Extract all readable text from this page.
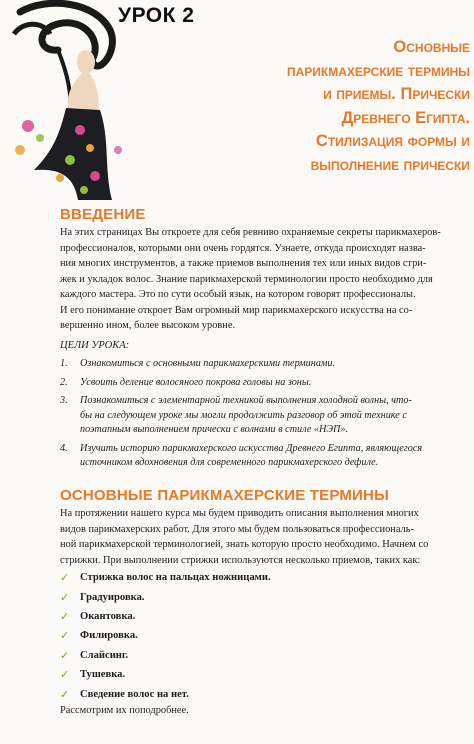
УРОК 2
Основные
парикмахерские термины
и приемы. Прически
Древнего Египта.
Стилизация формы и
выполнение прически
ВВЕДЕНИЕ
На этих страницах Вы откроете для себя ревниво охраняемые секреты парикмахеров-
профессионалов, которыми они очень гордятся. Узнаете, откуда происходят назва-
ния многих инструментов, а также приемов выполнения тех или иных видов стри-
жек и укладок волос. Знание парикмахерской терминологии просто необходимо для
каждого мастера. Это по сути особый язык, на котором говорят профессионалы.
И его понимание откроет Вам огромный мир парикмахерского искусства на со-
вершенно ином, более высоком уровне.
ЦЕЛИ УРОКА:
1.	Ознакомиться с основными парикмахерскими терминами.
2.	Усвоить деление волосяного покрова головы на зоны.
3.	Познакомиться с элементарной техникой выполнения холодной волны, что-
бы на следующем уроке мы могли продолжить разговор об этой технике с
поэтапным выполнением прически с волнами в стиле «НЭП».
4.	Изучить историю парикмахерского искусства Древнего Египта, являющегося
источником вдохновения для современного парикмахерского дефиле.
ОСНОВНЫЕ ПАРИКМАХЕРСКИЕ ТЕРМИНЫ
На протяжении нашего курса мы будем приводить описания выполнения многих
видов парикмахерских работ. Для этого мы будем пользоваться профессиональ-
ной парикмахерской терминологией, знать которую просто необходимо. Начнем со
стрижки. При выполнении стрижки используются несколько приемов, таких как:
✓	Стрижка волос на пальцах ножницами.
✓	Градуировка.
✓	Окантовка.
✓	Филировка.
✓	Слайсинг.
✓	Тушевка.
✓	Сведение волос на нет.
Рассмотрим их поподробнее.
